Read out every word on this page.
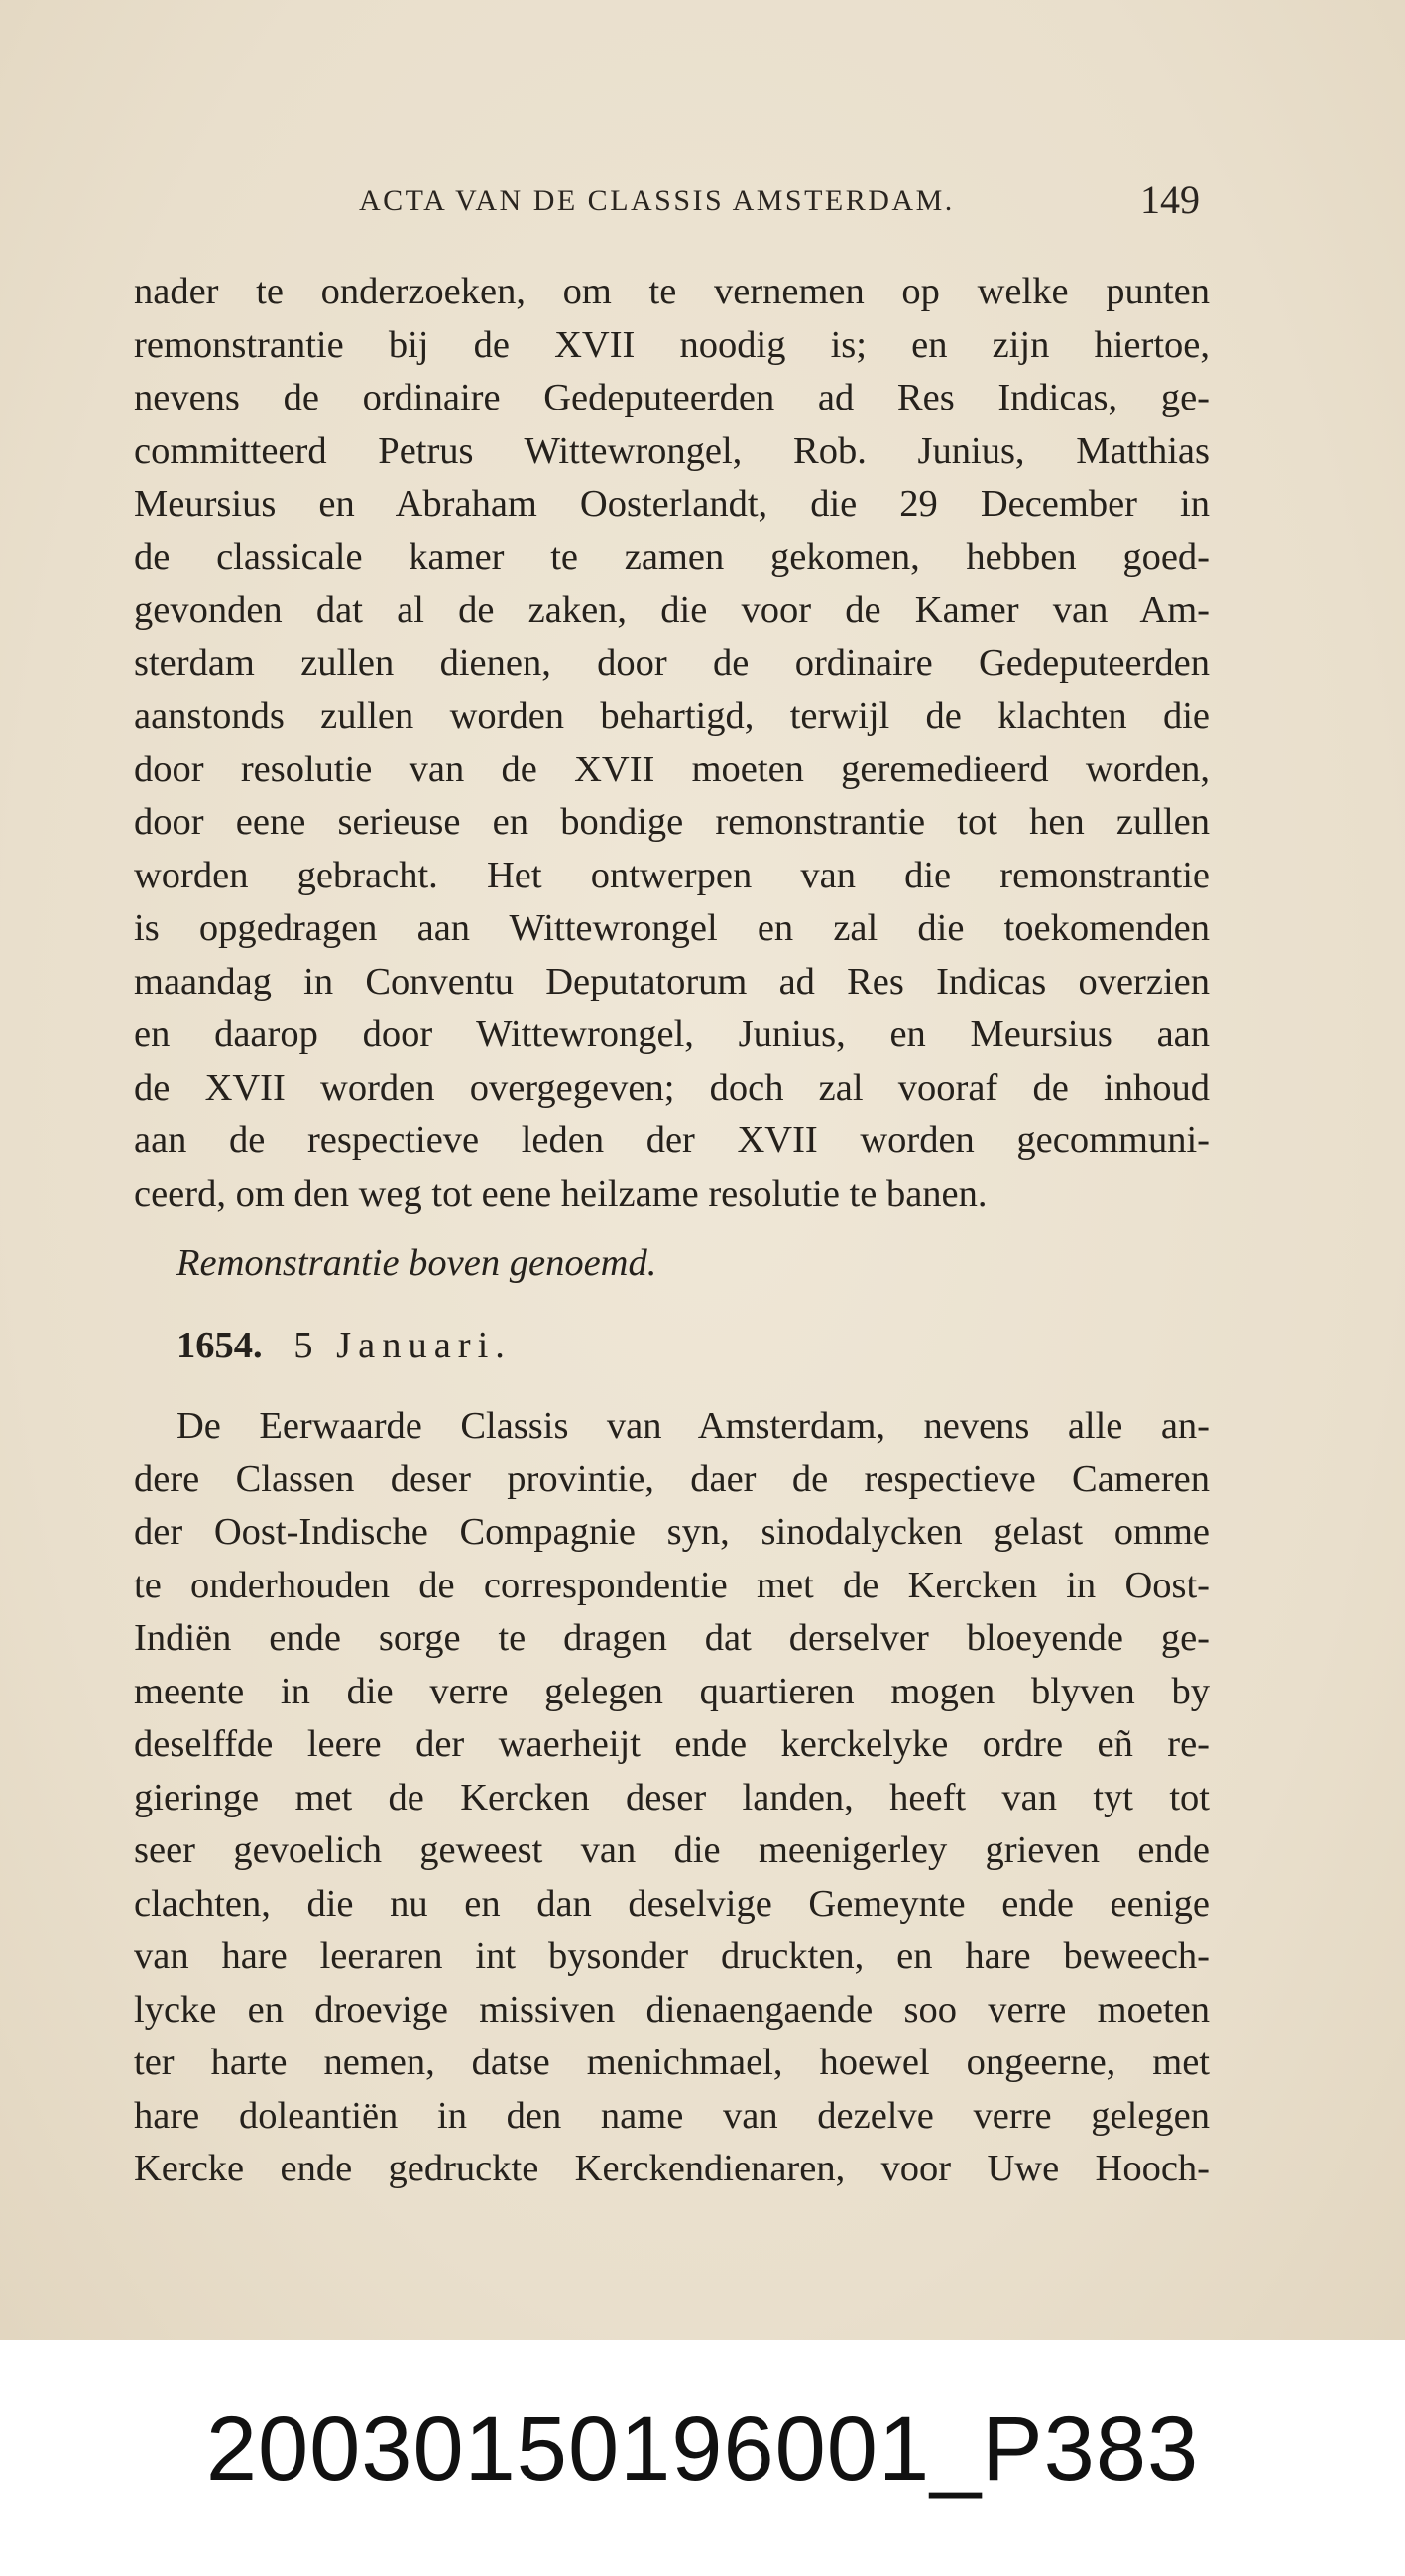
ACTA VAN DE CLASSIS AMSTERDAM.	149
nader te onderzoeken, om te vernemen op welke punten
remonstrantie bij de XVII noodig is; en zijn hiertoe,
nevens de ordinaire Gedeputeerden ad Res Indicas, ge-
committeerd Petrus Wittewrongel, Rob. Junius, Matthias
Meursius en Abraham Oosterlandt, die 29 December in
de classicale kamer te zamen gekomen, hebben goed-
gevonden dat al de zaken, die voor de Kamer van Am-
sterdam zullen dienen, door de ordinaire Gedeputeerden
aanstonds zullen worden behartigd, terwijl de klachten die
door resolutie van de XVII moeten geremedieerd worden,
door eene serieuse en bondige remonstrantie tot hen zullen
worden gebracht. Het ontwerpen van die remonstrantie
is opgedragen aan Wittewrongel en zal die toekomenden
maandag in Conventu Deputatorum ad Res Indicas overzien
en daarop door Wittewrongel, Junius, en Meursius aan
de XVII worden overgegeven; doch zal vooraf de inhoud
aan de respectieve leden der XVII worden gecommuni-
ceerd, om den weg tot eene heilzame resolutie te banen.
Remonstrantie boven genoemd.
1654. 5 Januari.
De Eerwaarde Classis van Amsterdam, nevens alle an-
dere Classen deser provintie, daer de respectieve Cameren
der Oost-Indische Compagnie syn, sinodalycken gelast omme
te onderhouden de correspondentie met de Kercken in Oost-
Indiën ende sorge te dragen dat derselver bloeyende ge-
meente in die verre gelegen quartieren mogen blyven by
deselffde leere der waerheijt ende kerckelyke ordre eñ re-
gieringe met de Kercken deser landen, heeft van tyt tot
seer gevoelich geweest van die meenigerley grieven ende
clachten, die nu en dan deselvige Gemeynte ende eenige
van hare leeraren int bysonder druckten, en hare beweech-
lycke en droevige missiven dienaengaende soo verre moeten
ter harte nemen, datse menichmael, hoewel ongeerne, met
hare doleantiën in den name van dezelve verre gelegen
Kercke ende gedruckte Kerckendienaren, voor Uwe Hooch-
20030150196001_P383
